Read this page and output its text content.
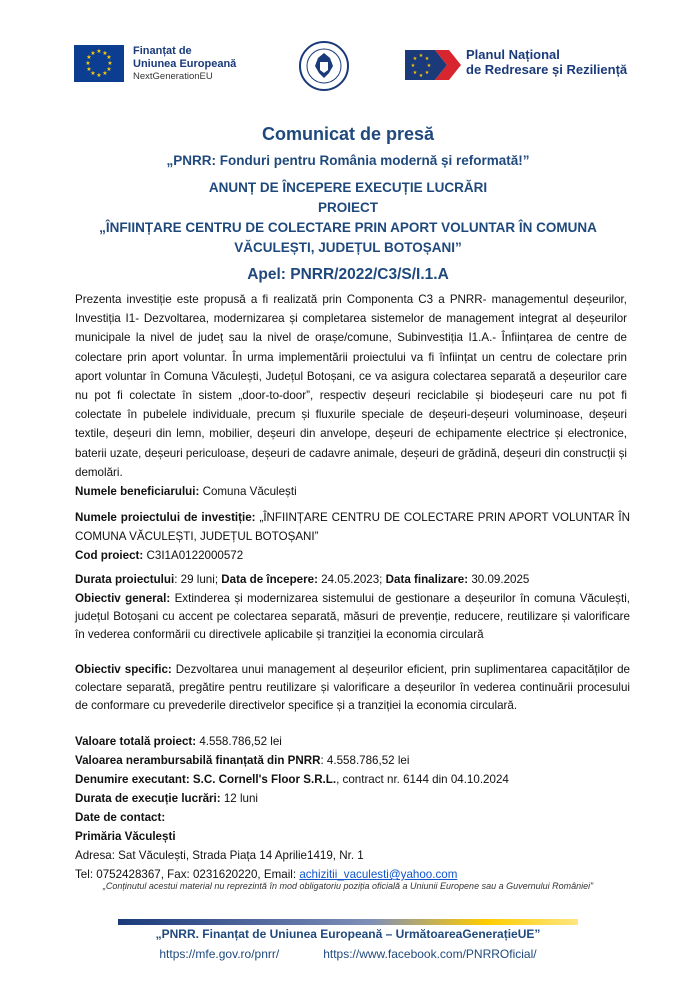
★ ★
★
★
★
★
★
★
★
★
★
★	Finanțat de
Uniunea Europeană
NextGenerationEU
★ ★
★
★
★
★
★
★	Planul Național
de Redresare și Reziliență
Comunicat de presă
„PNRR: Fonduri pentru România modernă și reformată!”
ANUNȚ DE ÎNCEPERE EXECUȚIE LUCRĂRI
PROIECT
„ÎNFIINȚARE CENTRU DE COLECTARE PRIN APORT VOLUNTAR ÎN COMUNA
VĂCULEȘTI, JUDEȚUL BOTOȘANI”
Apel: PNRR/2022/C3/S/I.1.A
Prezenta investiție este propusă a fi realizată prin Componenta C3 a PNRR- managementul deșeurilor, Investiția I1- Dezvoltarea, modernizarea și completarea sistemelor de management integrat al deșeurilor municipale la nivel de județ sau la nivel de orașe/comune, Subinvestiția I1.A.- Înființarea de centre de colectare prin aport voluntar. În urma implementării proiectului va fi înființat un centru de colectare prin aport voluntar în Comuna Văculești, Județul Botoșani, ce va asigura colectarea separată a deșeurilor care nu pot fi colectate în sistem „door-to-door”, respectiv deșeuri reciclabile și biodeșeuri care nu pot fi colectate în pubelele individuale, precum și fluxurile speciale de deșeuri-deșeuri voluminoase, deșeuri textile, deșeuri din lemn, mobilier, deșeuri din anvelope, deșeuri de echipamente electrice și electronice, baterii uzate, deșeuri periculoase, deșeuri de cadavre animale, deșeuri de grădină, deșeuri din construcții și demolări.
Numele beneficiarului: Comuna Văculești
Numele proiectului de investiție: „ÎNFIINȚARE CENTRU DE COLECTARE PRIN APORT VOLUNTAR ÎN COMUNA VĂCULEȘTI, JUDEȚUL BOTOȘANI”
Cod proiect: C3I1A0122000572
Durata proiectului: 29 luni; Data de începere: 24.05.2023; Data finalizare: 30.09.2025
Obiectiv general: Extinderea și modernizarea sistemului de gestionare a deșeurilor în comuna Văculești, județul Botoșani cu accent pe colectarea separată, măsuri de prevenție, reducere, reutilizare și valorificare în vederea conformării cu directivele aplicabile și tranziției la economia circulară
Obiectiv specific: Dezvoltarea unui management al deșeurilor eficient, prin suplimentarea capacităților de colectare separată, pregătire pentru reutilizare și valorificare a deșeurilor în vederea continuării procesului de conformare cu prevederile directivelor specifice și a tranziției la economia circulară.
Valoare totală proiect: 4.558.786,52 lei
Valoarea nerambursabilă finanțată din PNRR: 4.558.786,52 lei
Denumire executant: S.C. Cornell's Floor S.R.L., contract nr. 6144 din 04.10.2024
Durata de execuție lucrări: 12 luni
Date de contact:
Primăria Văculești
Adresa: Sat Văculești, Strada Piața 14 Aprilie1419, Nr. 1
Tel: 0752428367, Fax: 0231620220, Email: achizitii_vaculesti@yahoo.com
„Conținutul acestui material nu reprezintă în mod obligatoriu poziția oficială a Uniunii Europene sau a Guvernului României”
„PNRR. Finanțat de Uniunea Europeană – UrmătoareaGenerațieUE”
https://mfe.gov.ro/pnrr/	https://www.facebook.com/PNRROficial/
